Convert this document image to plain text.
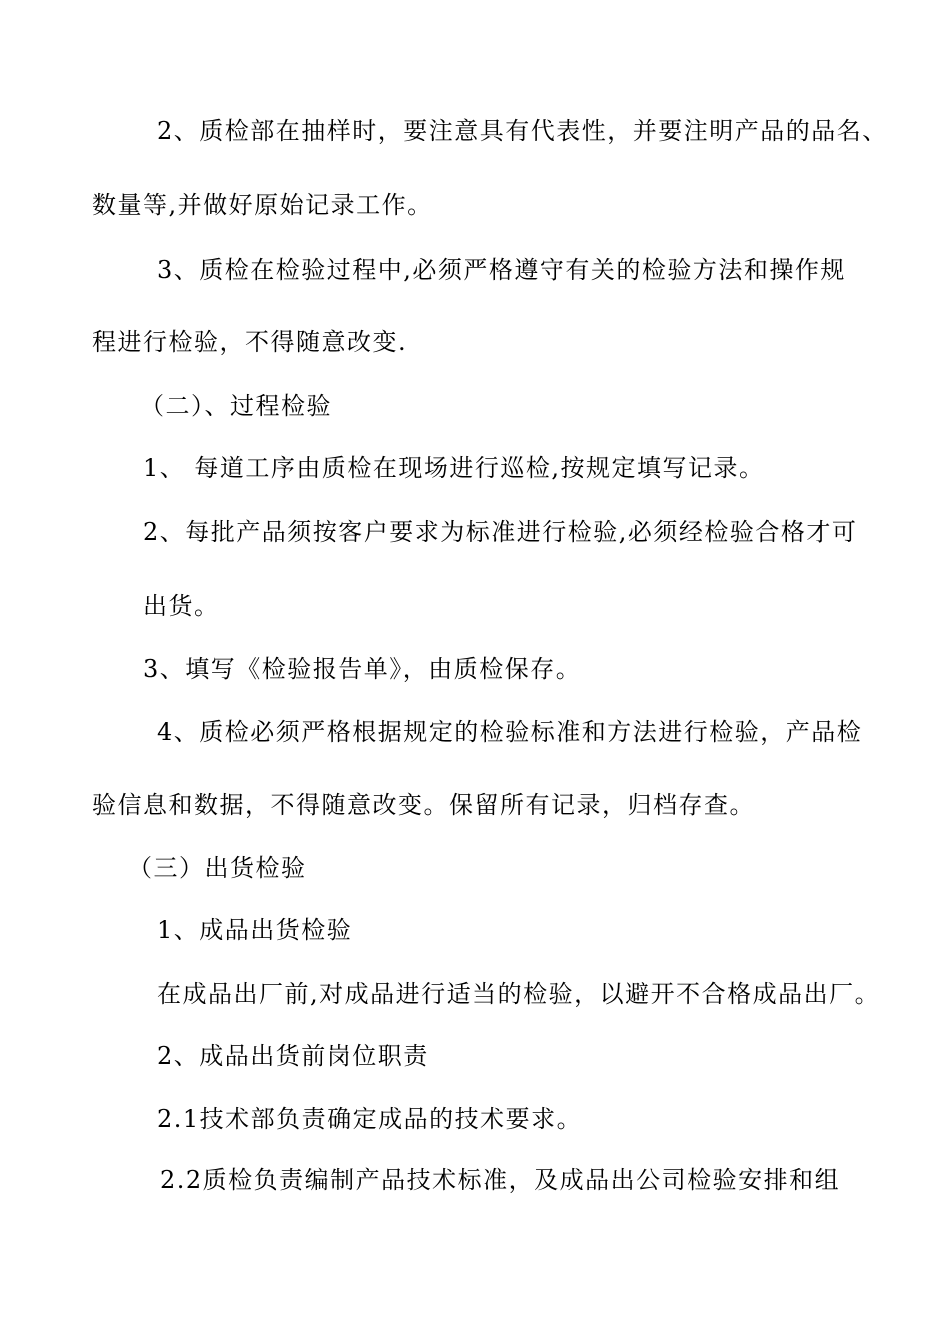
2、质检部在抽样时，要注意具有代表性，并要注明产品的品名、
数量等,并做好原始记录工作。
3、质检在检验过程中,必须严格遵守有关的检验方法和操作规
程进行检验，不得随意改变.
（二）、过程检验
1、 每道工序由质检在现场进行巡检,按规定填写记录。
2、每批产品须按客户要求为标准进行检验,必须经检验合格才可
出货。
3、填写《检验报告单》，由质检保存。
4、质检必须严格根据规定的检验标准和方法进行检验，产品检
验信息和数据，不得随意改变。保留所有记录，归档存查。
（三）出货检验
1、成品出货检验
在成品出厂前,对成品进行适当的检验，以避开不合格成品出厂。
2、成品出货前岗位职责
2.1技术部负责确定成品的技术要求。
2.2质检负责编制产品技术标准，及成品出公司检验安排和组
